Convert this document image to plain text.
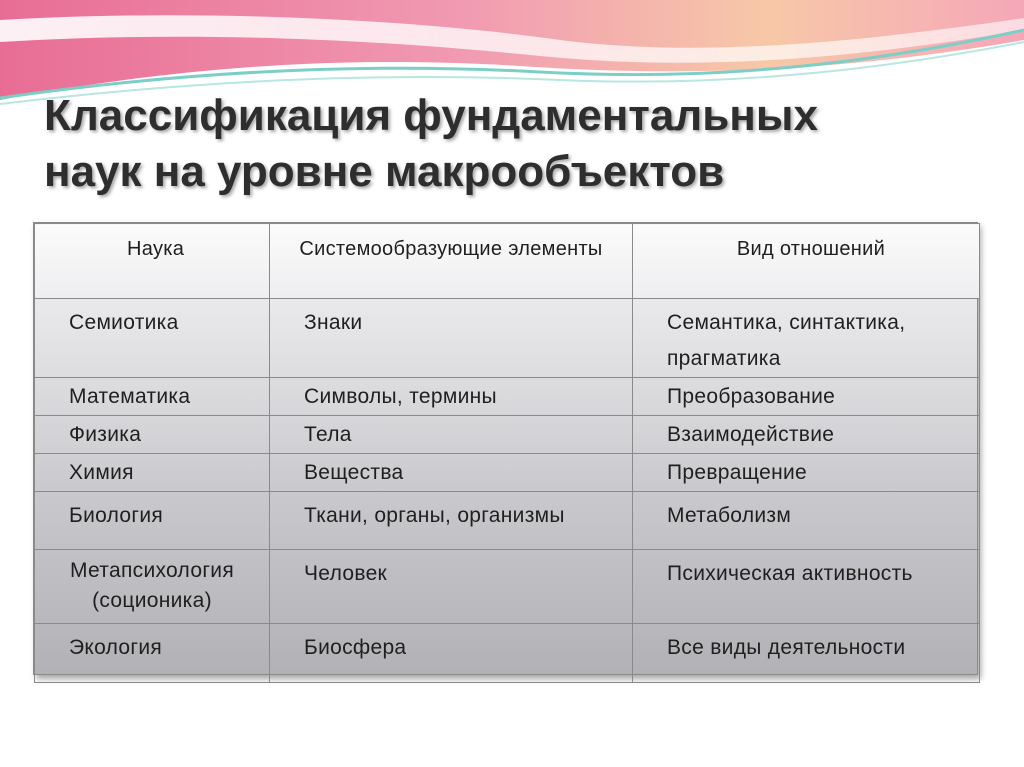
Классификация фундаментальных
наук на уровне макрообъектов
Наука	Системообразующие элементы	Вид отношений
Семиотика	Знаки	Семантика, синтактика, прагматика
Математика	Символы, термины	Преобразование
Физика	Тела	Взаимодействие
Химия	Вещества	Превращение
Биология	Ткани, органы, организмы	Метаболизм
Метапсихология (соционика)	Человек	Психическая активность
Экология	Биосфера	Все виды деятельности
